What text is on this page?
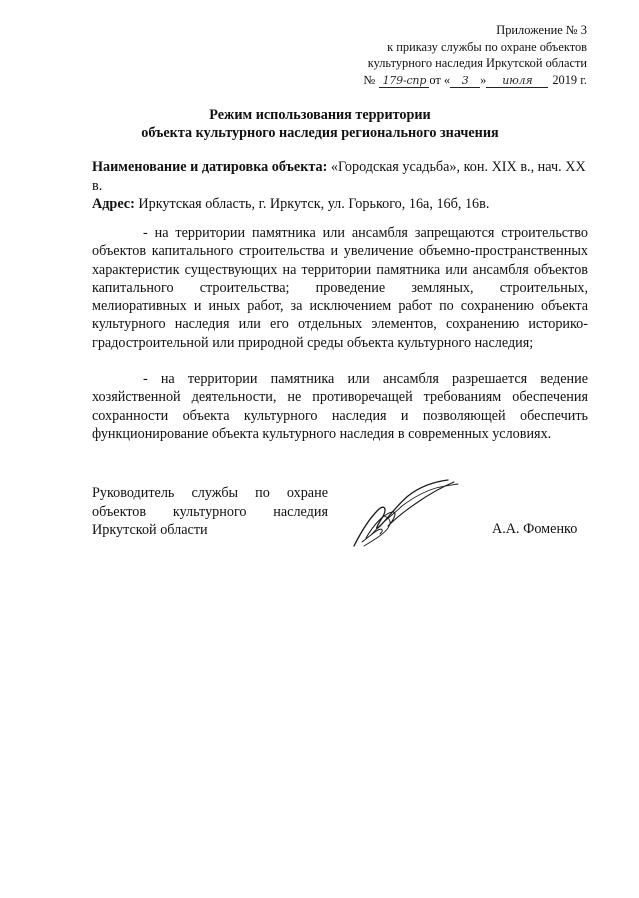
Приложение № 3
к приказу службы по охране объектов
культурного наследия Иркутской области
№ 179-спр от « 3 » июля 2019 г.
Режим использования территории
объекта культурного наследия регионального значения

Наименование и датировка объекта: «Городская усадьба», кон. XIX в., нач. XX в.

Адрес: Иркутская область, г. Иркутск, ул. Горького, 16а, 16б, 16в.

- на территории памятника или ансамбля запрещаются строительство объектов капитального строительства и увеличение объемно-пространственных характеристик существующих на территории памятника или ансамбля объектов капитального строительства; проведение земляных, строительных, мелиоративных и иных работ, за исключением работ по сохранению объекта культурного наследия или его отдельных элементов, сохранению историко-градостроительной или природной среды объекта культурного наследия;

- на территории памятника или ансамбля разрешается ведение хозяйственной деятельности, не противоречащей требованиям обеспечения сохранности объекта культурного наследия и позволяющей обеспечить функционирование объекта культурного наследия в современных условиях.

Руководитель службы по охране
объектов культурного наследия
Иркутской области	А.А. Фоменко
